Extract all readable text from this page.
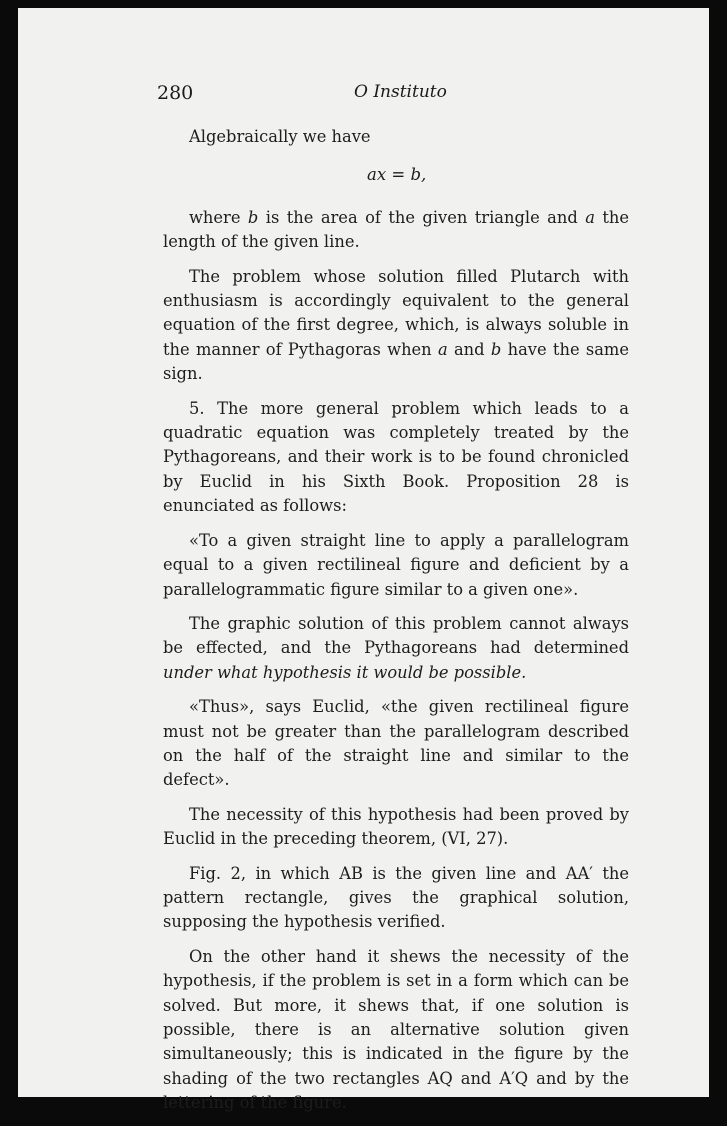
280	O Instituto

Algebraically we have

ax = b,

where b is the area of the given triangle and a the length of the given line.

The problem whose solution filled Plutarch with enthusiasm is accordingly equivalent to the general equation of the first degree, which, is always soluble in the manner of Pythagoras when a and b have the same sign.

5. The more general problem which leads to a quadratic equation was completely treated by the Pythagoreans, and their work is to be found chronicled by Euclid in his Sixth Book. Proposition 28 is enunciated as follows:

«To a given straight line to apply a parallelogram equal to a given rectilineal figure and deficient by a parallelogrammatic figure similar to a given one».

The graphic solution of this problem cannot always be effected, and the Pythagoreans had determined under what hypothesis it would be possible.

«Thus», says Euclid, «the given rectilineal figure must not be greater than the parallelogram described on the half of the straight line and similar to the defect».

The necessity of this hypothesis had been proved by Euclid in the preceding theorem, (VI, 27).

Fig. 2, in which AB is the given line and AA′ the pattern rectangle, gives the graphical solution, supposing the hypothesis verified.

On the other hand it shews the necessity of the hypothesis, if the problem is set in a form which can be solved. But more, it shews that, if one solution is possible, there is an alternative solution given simultaneously; this is indicated in the figure by the shading of the two rectangles AQ and A′Q and by the lettering of the figure.
